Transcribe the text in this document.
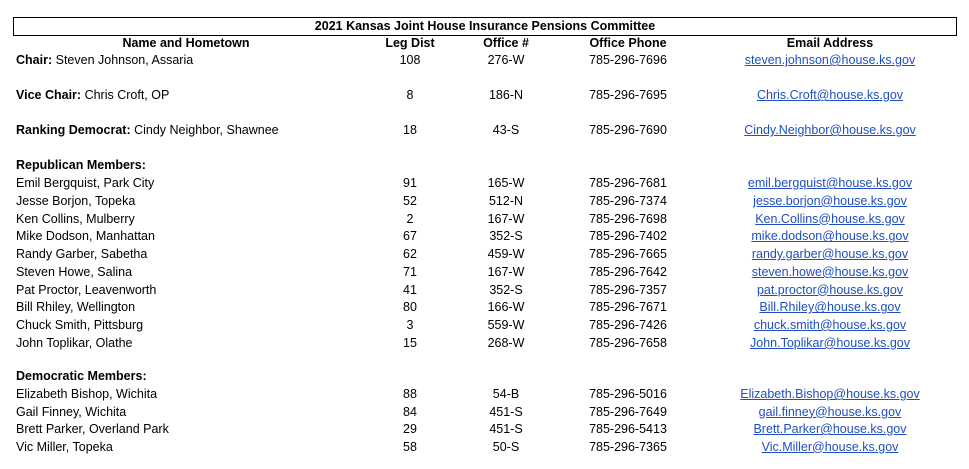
2021 Kansas Joint House Insurance Pensions Committee
Name and Hometown	Leg Dist	Office #	Office Phone	Email Address
Chair: Steven Johnson, Assaria	108	276-W	785-296-7696	steven.johnson@house.ks.gov
Vice Chair: Chris Croft, OP	8	186-N	785-296-7695	Chris.Croft@house.ks.gov
Ranking Democrat: Cindy Neighbor, Shawnee	18	43-S	785-296-7690	Cindy.Neighbor@house.ks.gov
Republican Members:
Emil Bergquist, Park City	91	165-W	785-296-7681	emil.bergquist@house.ks.gov
Jesse Borjon, Topeka	52	512-N	785-296-7374	jesse.borjon@house.ks.gov
Ken Collins, Mulberry	2	167-W	785-296-7698	Ken.Collins@house.ks.gov
Mike Dodson, Manhattan	67	352-S	785-296-7402	mike.dodson@house.ks.gov
Randy Garber, Sabetha	62	459-W	785-296-7665	randy.garber@house.ks.gov
Steven Howe, Salina	71	167-W	785-296-7642	steven.howe@house.ks.gov
Pat Proctor, Leavenworth	41	352-S	785-296-7357	pat.proctor@house.ks.gov
Bill Rhiley, Wellington	80	166-W	785-296-7671	Bill.Rhiley@house.ks.gov
Chuck Smith, Pittsburg	3	559-W	785-296-7426	chuck.smith@house.ks.gov
John Toplikar, Olathe	15	268-W	785-296-7658	John.Toplikar@house.ks.gov
Democratic Members:
Elizabeth Bishop, Wichita	88	54-B	785-296-5016	Elizabeth.Bishop@house.ks.gov
Gail Finney, Wichita	84	451-S	785-296-7649	gail.finney@house.ks.gov
Brett Parker, Overland Park	29	451-S	785-296-5413	Brett.Parker@house.ks.gov
Vic Miller, Topeka	58	50-S	785-296-7365	Vic.Miller@house.ks.gov
